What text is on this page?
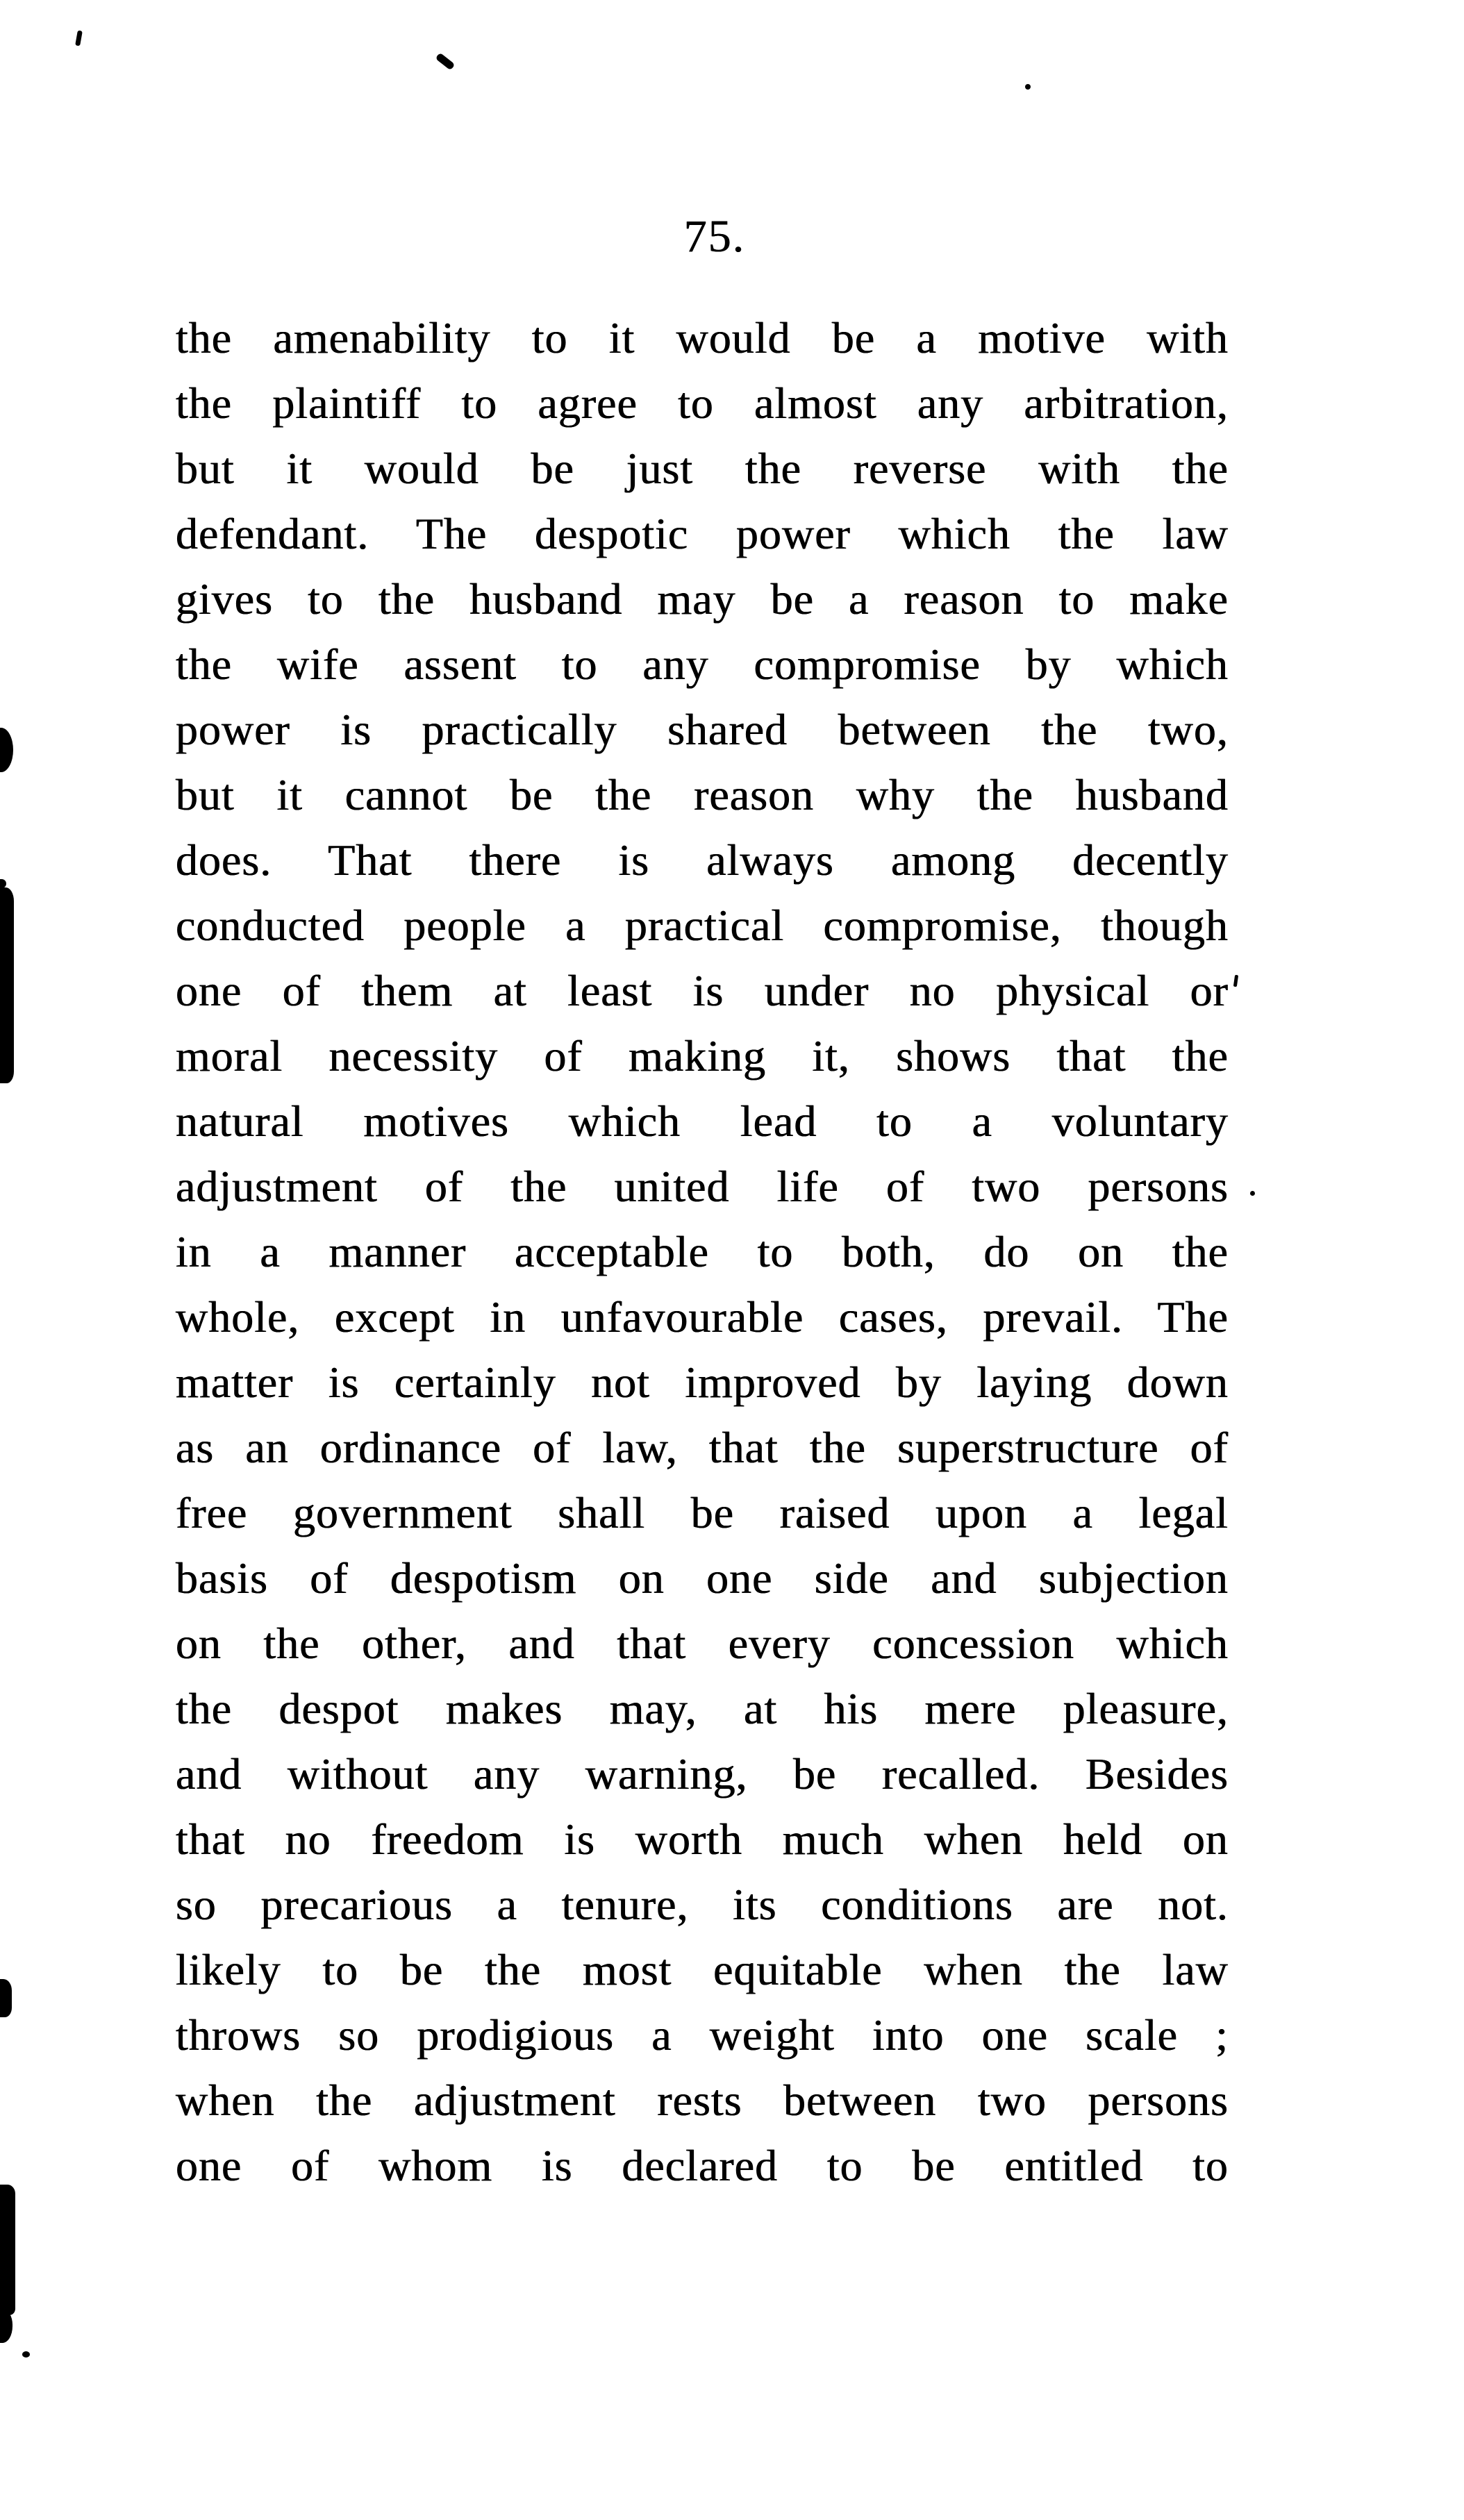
75.
the amenability to it would be a motive with
the plaintiff to agree to almost any arbitration,
but it would be just the reverse with the
defendant. The despotic power which the law
gives to the husband may be a reason to make
the wife assent to any compromise by which
power is practically shared between the two,
but it cannot be the reason why the husband
does. That there is always among decently
conducted people a practical compromise, though
one of them at least is under no physical or
moral necessity of making it, shows that the
natural motives which lead to a voluntary
adjustment of the united life of two persons
in a manner acceptable to both, do on the
whole, except in unfavourable cases, prevail. The
matter is certainly not improved by laying down
as an ordinance of law, that the superstructure of
free government shall be raised upon a legal
basis of despotism on one side and subjection
on the other, and that every concession which
the despot makes may, at his mere pleasure,
and without any warning, be recalled. Besides
that no freedom is worth much when held on
so precarious a tenure, its conditions are not.
likely to be the most equitable when the law
throws so prodigious a weight into one scale ;
when the adjustment rests between two persons
one of whom is declared to be entitled to
